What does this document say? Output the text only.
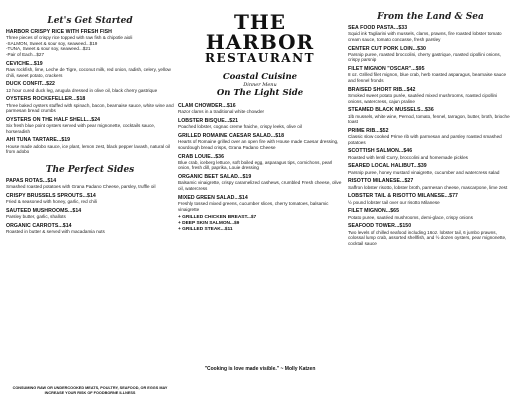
Let's Get Started
HARBOR CRISPY RICE WITH FRESH FISH
Three pieces of crispy rice topped with raw fish & chipotle aioli
-SALMON, Sweet & sour soy, seaweed...$19
-TUNA, Sweet & sour soy, seaweed...$21
-Pair of Each...$27
CEVICHE...$19
Raw rockfish, lime, Leche de Tigre, coconut milk, red onion, radish, celery, yellow chili, sweet potato, crackers
DUCK CONFIT...$22
12 hour cured duck leg, arugula dressed in olive oil, black cherry gastrique
OYSTERS ROCKEFELLER...$18
Three baked oysters stuffed with spinach, bacon, bearnaise sauce, white wine and parmesan bread crumbs
OYSTERS ON THE HALF SHELL...$24
Six fresh blue point oysters served with pear mignonette, cocktails sauce, horseradish
AHI TUNA TARTARE...$19
House made adobo sauce, ice plant, lemon zest, black pepper lavash, natural oil from adobo
The Perfect Sides
PAPAS ROTAS...$14
Smashed roasted potatoes with Grana Padano Cheese, parsley, truffle oil
CRISPY BRUSSELS SPROUTS...$14
Fried & seasoned with honey, garlic, red chili
SAUTEED MUSHROOMS...$14
Parsley butter, garlic, shallots
ORGANIC CARROTS...$14
Roasted in butter & served with macadamia nuts
THE HARBOR
RESTAURANT
Coastal Cuisine
Dinner Menu
On The Light Side
CLAM CHOWDER...$16
Razor clams in a traditional white chowder
LOBSTER BISQUE...$21
Poached lobster, cognac creme fraiche, crispy leeks, olive oil
GRILLED ROMAINE CAESAR SALAD...$18
Hearts of Romaine grilled over an open fire with House made Caesar dressing, sourdough bread crisps, Grana Padano Cheese
CRAB LOUIE...$36
Blue crab, iceberg lettuce, soft boiled egg, asparagus tips, cornichons, pearl onion, fresh dill, paprika, Louie dressing
ORGANIC BEET SALAD...$19
Balsamic vinaigrette, crispy caramelized cashews, crumbled Fresh cheese, olive oil, watercress
MIXED GREEN SALAD...$14
Freshly tossed mixed greens, cucumber slices, cherry tomatoes, balsamic vinaigrette
+ GRILLED CHICKEN BREAST...$7
+ DEEP SKIN SALMON...$9
+ GRILLED STEAK...$11
"Cooking is love made visible." ~ Molly Katzen
From the Land & Sea
SEA FOOD PASTA...$33
Squid ink Tagliarini with mussels, clams, prawns, fire roasted lobster tomato cream sauce, tomato concasse, fresh parsley
CENTER CUT PORK LOIN...$30
Parsnip puree, roasted broccolini, cherry gastrique, roasted cipollini onions, crispy parsnip
FILET MIGNON "OSCAR"...$95
8 oz. Grilled filet mignon, blue crab, herb roasted asparagus, bearnaise sauce and fennel fronds
BRAISED SHORT RIB...$42
Smoked sweet potato purée, sautéed mixed mushrooms, roasted cipollini onions, watercress, cajun praline
STEAMED BLACK MUSSELS...$36
1lb mussels, white wine, Pernod, tomato, fennel, tarragon, butter, broth, brioche toast
PRIME RIB...$52
Classic slow cooked Prime rib with parmesan and parsley roasted smashed potatoes
SCOTTISH SALMON...$46
Roasted with lentil Curry, broccolini and homemade pickles
SEARED LOCAL HALIBUT...$39
Parsnip puree, honey mustard vinaigrette, cucumber and watercress salad
RISOTTO MILANESE...$27
Saffron lobster risotto, lobster broth, parmesan cheese, mascarpone, lime zest
LOBSTER TAIL & RISOTTO MILANESE...$77
½ pound lobster tail over our risotto Milanese
FILET MIGNON...$65
Potato puree, sautéed mushrooms, demi-glace, crispy onions
SEAFOOD TOWER...$150
Two levels of chilled seafood including 16oz. lobster tail, 6 jumbo prawns, colossal lump crab, assorted shellfish, and ½ dozen oysters, pear mignonette, cocktail sauce
CONSUMING RAW OR UNDERCOOKED MEATS, POULTRY, SEAFOOD, OR EGGS MAY INCREASE YOUR RISK OF FOODBORNE ILLNESS
